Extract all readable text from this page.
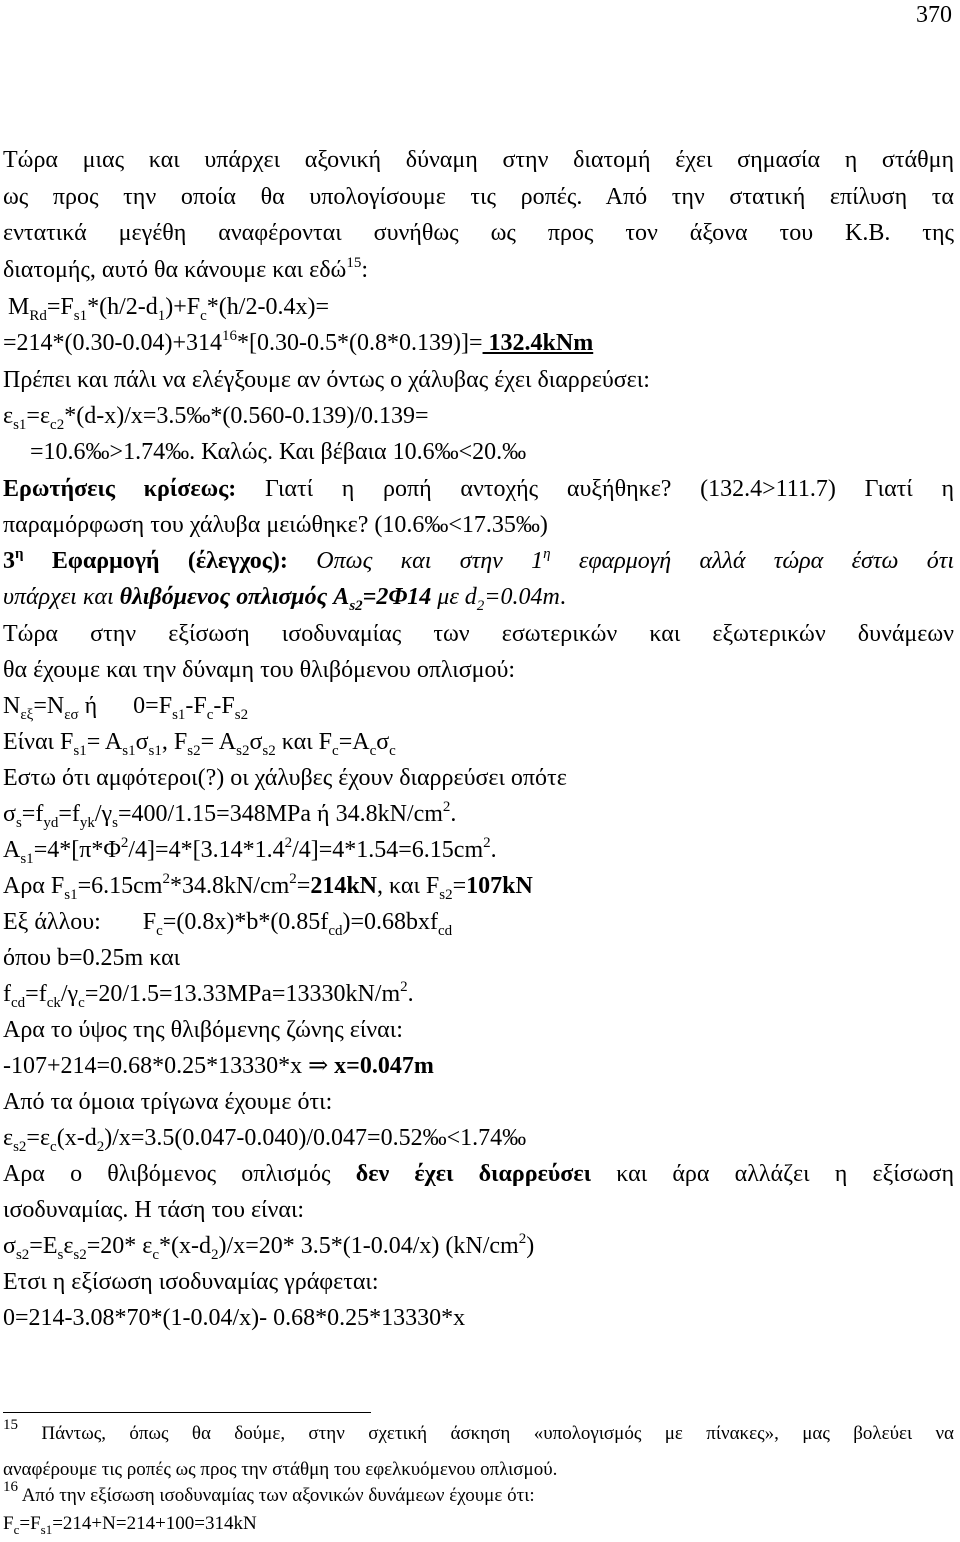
370
Τώρα μιας και υπάρχει αξονική δύναμη στην διατομή έχει σημασία η στάθμη
ως προς την οποία θα υπολογίσουμε τις ροπές. Από την στατική επίλυση τα
εντατικά μεγέθη αναφέρονται συνήθως ως προς τον άξονα του Κ.Β. της
διατομής, αυτό θα κάνουμε και εδώ$^{15}$:
$M_{Rd}=F_{s1}*(h/2-d_1)+F_c*(h/2-0.4x)=$
$=214*(0.30-0.04)+314^{16}*[0.30-0.5*(0.8*0.139)]= 132.4kNm$
Πρέπει και πάλι να ελέγξουμε αν όντως ο χάλυβας έχει διαρρεύσει:
$\varepsilon_{s1}=\varepsilon_{c2}*(d-x)/x=3.5‰*(0.560-0.139)/0.139=$
=10.6‰>1.74‰. Καλώς. Και βέβαια 10.6‰<20.‰
Ερωτήσεις κρίσεως: Γιατί η ροπή αντοχής αυξήθηκε? (132.4>111.7) Γιατί η
παραμόρφωση του χάλυβα μειώθηκε? (10.6‰<17.35‰)
$3^\eta$ Εφαρμογή (έλεγχος): Οπως και στην $1^\eta$ εφαρμογή αλλά τώρα έστω ότι
υπάρχει και θλιβόμενος οπλισμός $A_{s2}=2\Phi 14$ με $d_2=0.04m$.
Τώρα στην εξίσωση ισοδυναμίας των εσωτερικών και εξωτερικών δυνάμεων
θα έχουμε και την δύναμη του θλιβόμενου οπλισμού:
$N_{\varepsilon\xi}=N_{\varepsilon\sigma}$ ή      $0=F_{s1}-F_c-F_{s2}$
Είναι $F_{s1}= A_{s1}\sigma_{s1}$, $F_{s2}= A_{s2}\sigma_{s2}$ και $F_c=A_c\sigma_c$
Εστω ότι αμφότεροι(?) οι χάλυβες έχουν διαρρεύσει οπότε
$\sigma_s=f_{yd}=f_{yk}/\gamma_s=400/1.15=348MPa$ ή $34.8kN/cm^2$.
$A_{s1}=4*[\pi*\Phi^2/4]=4*[3.14*1.4^2/4]=4*1.54=6.15cm^2$.
Αρα $F_{s1}=6.15cm^2*34.8kN/cm^2=214kN$, και $F_{s2}=107kN$
Εξ άλλου:       $F_c=(0.8x)*b*(0.85f_{cd})=0.68bxf_{cd}$
όπου b=0.25m και
$f_{cd}=f_{ck}/\gamma_c=20/1.5=13.33MPa=13330kN/m^2$.
Αρα το ύψος της θλιβόμενης ζώνης είναι:
-107+214=0.68*0.25*13330*x ⇒ x=0.047m
Από τα όμοια τρίγωνα έχουμε ότι:
$\varepsilon_{s2}=\varepsilon_c(x-d_2)/x=3.5(0.047-0.040)/0.047=0.52‰<1.74‰$
Αρα ο θλιβόμενος οπλισμός δεν έχει διαρρεύσει και άρα αλλάζει η εξίσωση
ισοδυναμίας. Η τάση του είναι:
$\sigma_{s2}=E_s\varepsilon_{s2}=20*$ $\varepsilon_c*(x-d_2)/x=20*$ 3.5*(1-0.04/x) $(kN/cm^2)$
Ετσι η εξίσωση ισοδυναμίας γράφεται:
0=214-3.08*70*(1-0.04/x)- 0.68*0.25*13330*x
$^{15}$ Πάντως, όπως θα δούμε, στην σχετική άσκηση «υπολογισμός με πίνακες», μας βολεύει να
αναφέρουμε τις ροπές ως προς την στάθμη του εφελκυόμενου οπλισμού.
$^{16}$ Από την εξίσωση ισοδυναμίας των αξονικών δυνάμεων έχουμε ότι:
$F_c=F_{s1}=214+N=214+100=314kN$
